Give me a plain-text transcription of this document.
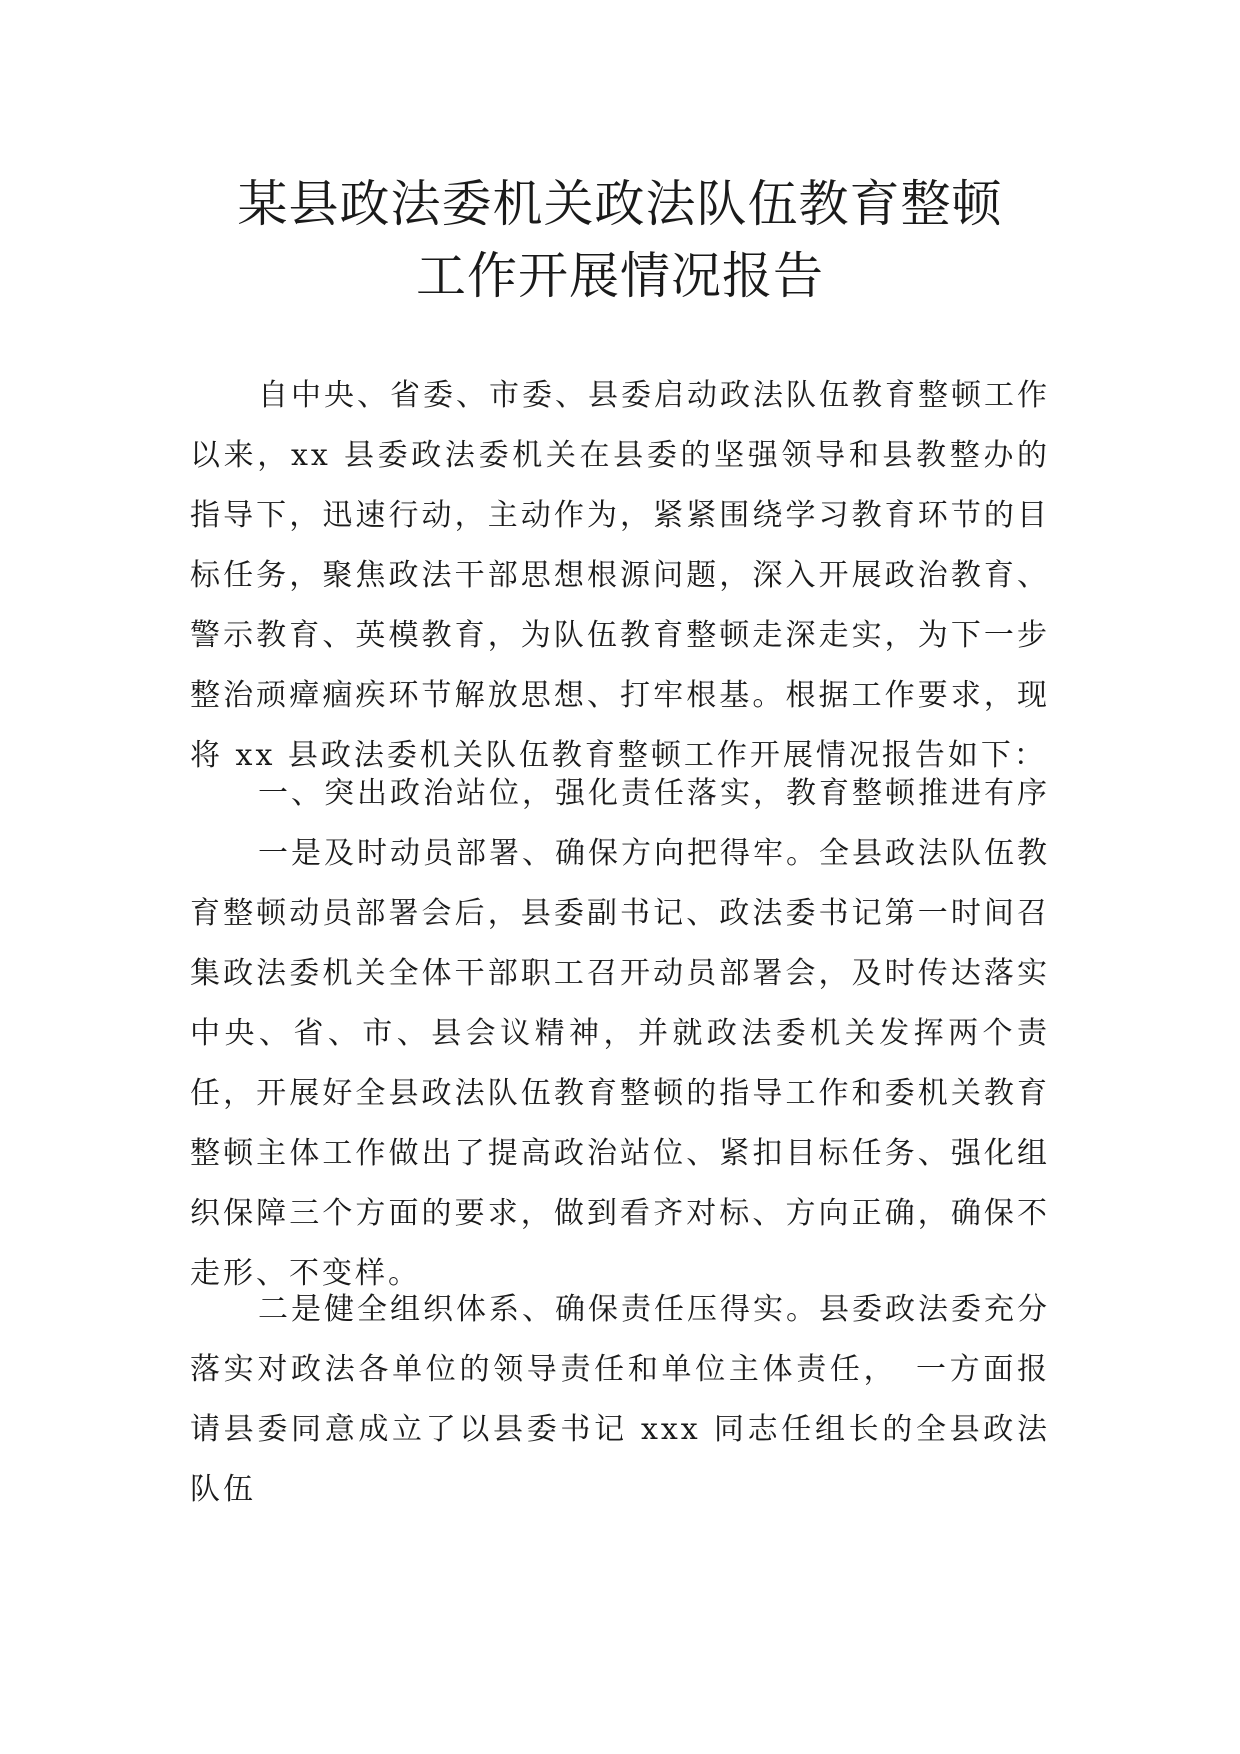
某县政法委机关政法队伍教育整顿
工作开展情况报告

自中央、省委、市委、县委启动政法队伍教育整顿工作以来，xx 县委政法委机关在县委的坚强领导和县教整办的指导下，迅速行动，主动作为，紧紧围绕学习教育环节的目标任务，聚焦政法干部思想根源问题，深入开展政治教育、警示教育、英模教育，为队伍教育整顿走深走实，为下一步整治顽瘴痼疾环节解放思想、打牢根基。根据工作要求，现将 xx 县政法委机关队伍教育整顿工作开展情况报告如下：

一、突出政治站位，强化责任落实，教育整顿推进有序

一是及时动员部署、确保方向把得牢。全县政法队伍教育整顿动员部署会后，县委副书记、政法委书记第一时间召集政法委机关全体干部职工召开动员部署会，及时传达落实中央、省、市、县会议精神，并就政法委机关发挥两个责任，开展好全县政法队伍教育整顿的指导工作和委机关教育整顿主体工作做出了提高政治站位、紧扣目标任务、强化组织保障三个方面的要求，做到看齐对标、方向正确，确保不走形、不变样。

二是健全组织体系、确保责任压得实。县委政法委充分落实对政法各单位的领导责任和单位主体责任，　一方面报请县委同意成立了以县委书记 xxx 同志任组长的全县政法队伍
